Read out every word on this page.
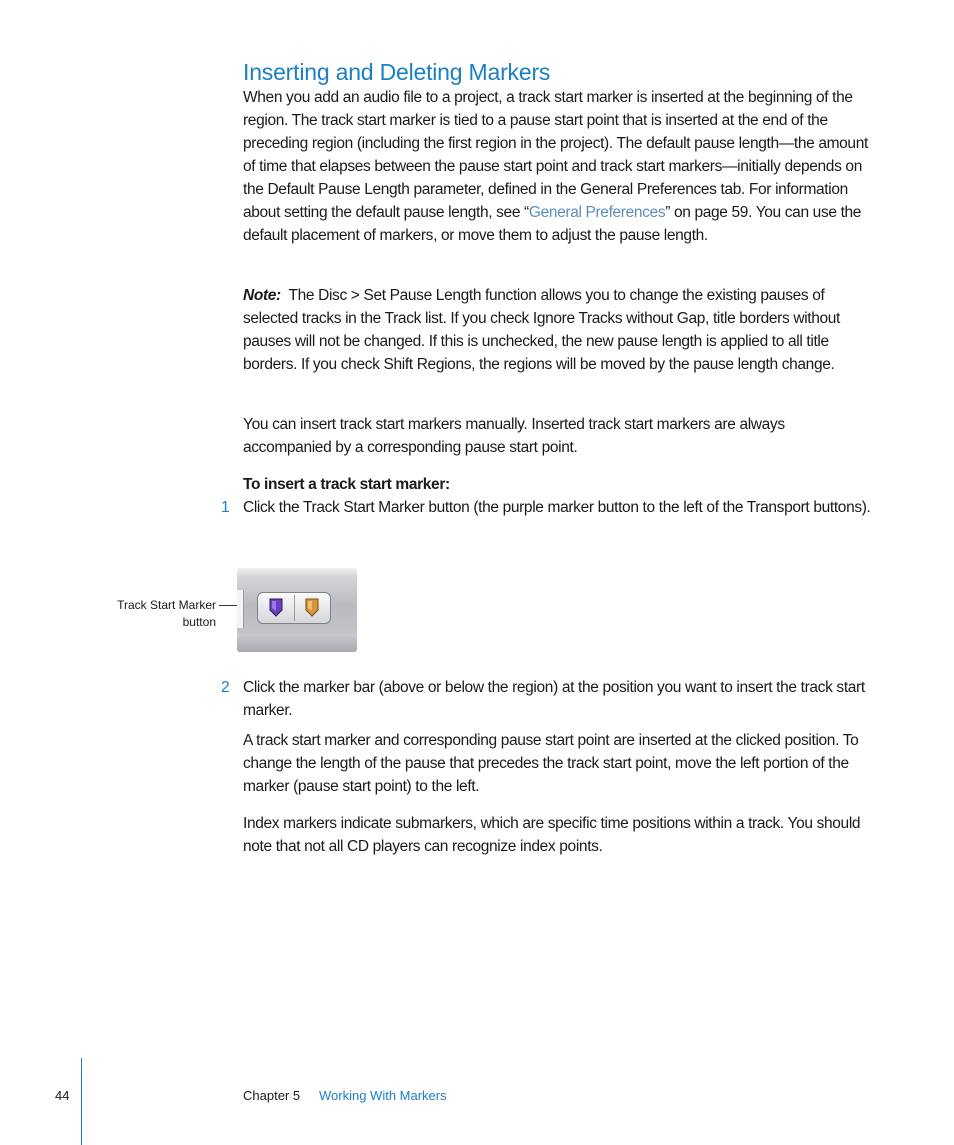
Inserting and Deleting Markers

When you add an audio file to a project, a track start marker is inserted at the beginning of the region. The track start marker is tied to a pause start point that is inserted at the end of the preceding region (including the first region in the project). The default pause length—the amount of time that elapses between the pause start point and track start markers—initially depends on the Default Pause Length parameter, defined in the General Preferences tab. For information about setting the default pause length, see “General Preferences” on page 59. You can use the default placement of markers, or move them to adjust the pause length.

Note: The Disc > Set Pause Length function allows you to change the existing pauses of selected tracks in the Track list. If you check Ignore Tracks without Gap, title borders without pauses will not be changed. If this is unchecked, the new pause length is applied to all title borders. If you check Shift Regions, the regions will be moved by the pause length change.

You can insert track start markers manually. Inserted track start markers are always accompanied by a corresponding pause start point.

To insert a track start marker:

1 Click the Track Start Marker button (the purple marker button to the left of the Transport buttons).

Track Start Marker
button
2 Click the marker bar (above or below the region) at the position you want to insert the track start marker.

A track start marker and corresponding pause start point are inserted at the clicked position. To change the length of the pause that precedes the track start point, move the left portion of the marker (pause start point) to the left.

Index markers indicate submarkers, which are specific time positions within a track. You should note that not all CD players can recognize index points.

44	Chapter 5 Working With Markers
